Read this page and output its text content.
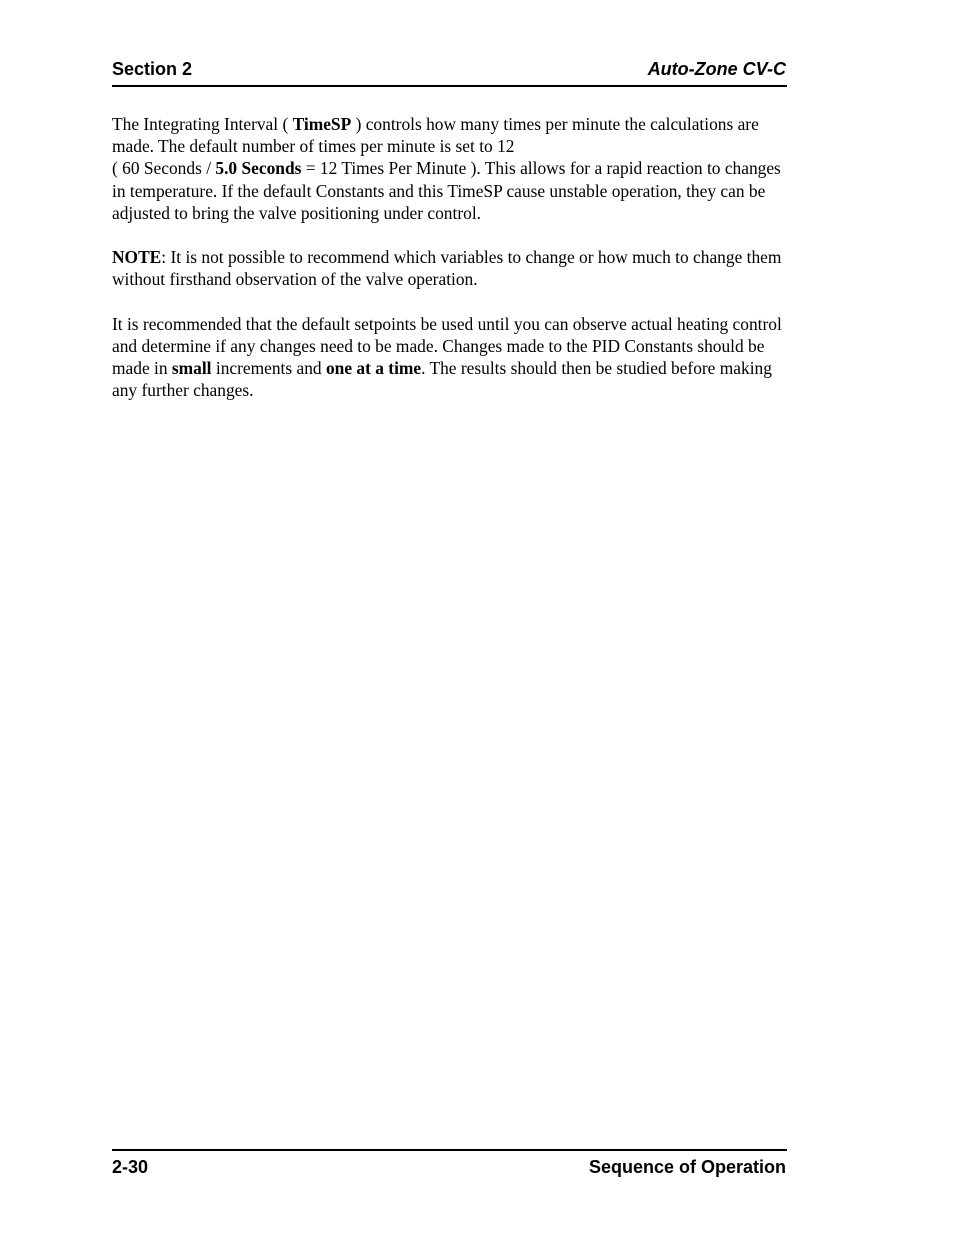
Section 2	Auto-Zone CV-C

The Integrating Interval ( TimeSP ) controls how many times per minute the calculations are made. The default number of times per minute is set to 12
( 60 Seconds / 5.0 Seconds = 12 Times Per Minute ). This allows for a rapid reaction to changes in temperature. If the default Constants and this TimeSP cause unstable operation, they can be adjusted to bring the valve positioning under control.

NOTE: It is not possible to recommend which variables to change or how much to change them without firsthand observation of the valve operation.

It is recommended that the default setpoints be used until you can observe actual heating control and determine if any changes need to be made. Changes made to the PID Constants should be made in small increments and one at a time. The results should then be studied before making any further changes.

2-30	Sequence of Operation
